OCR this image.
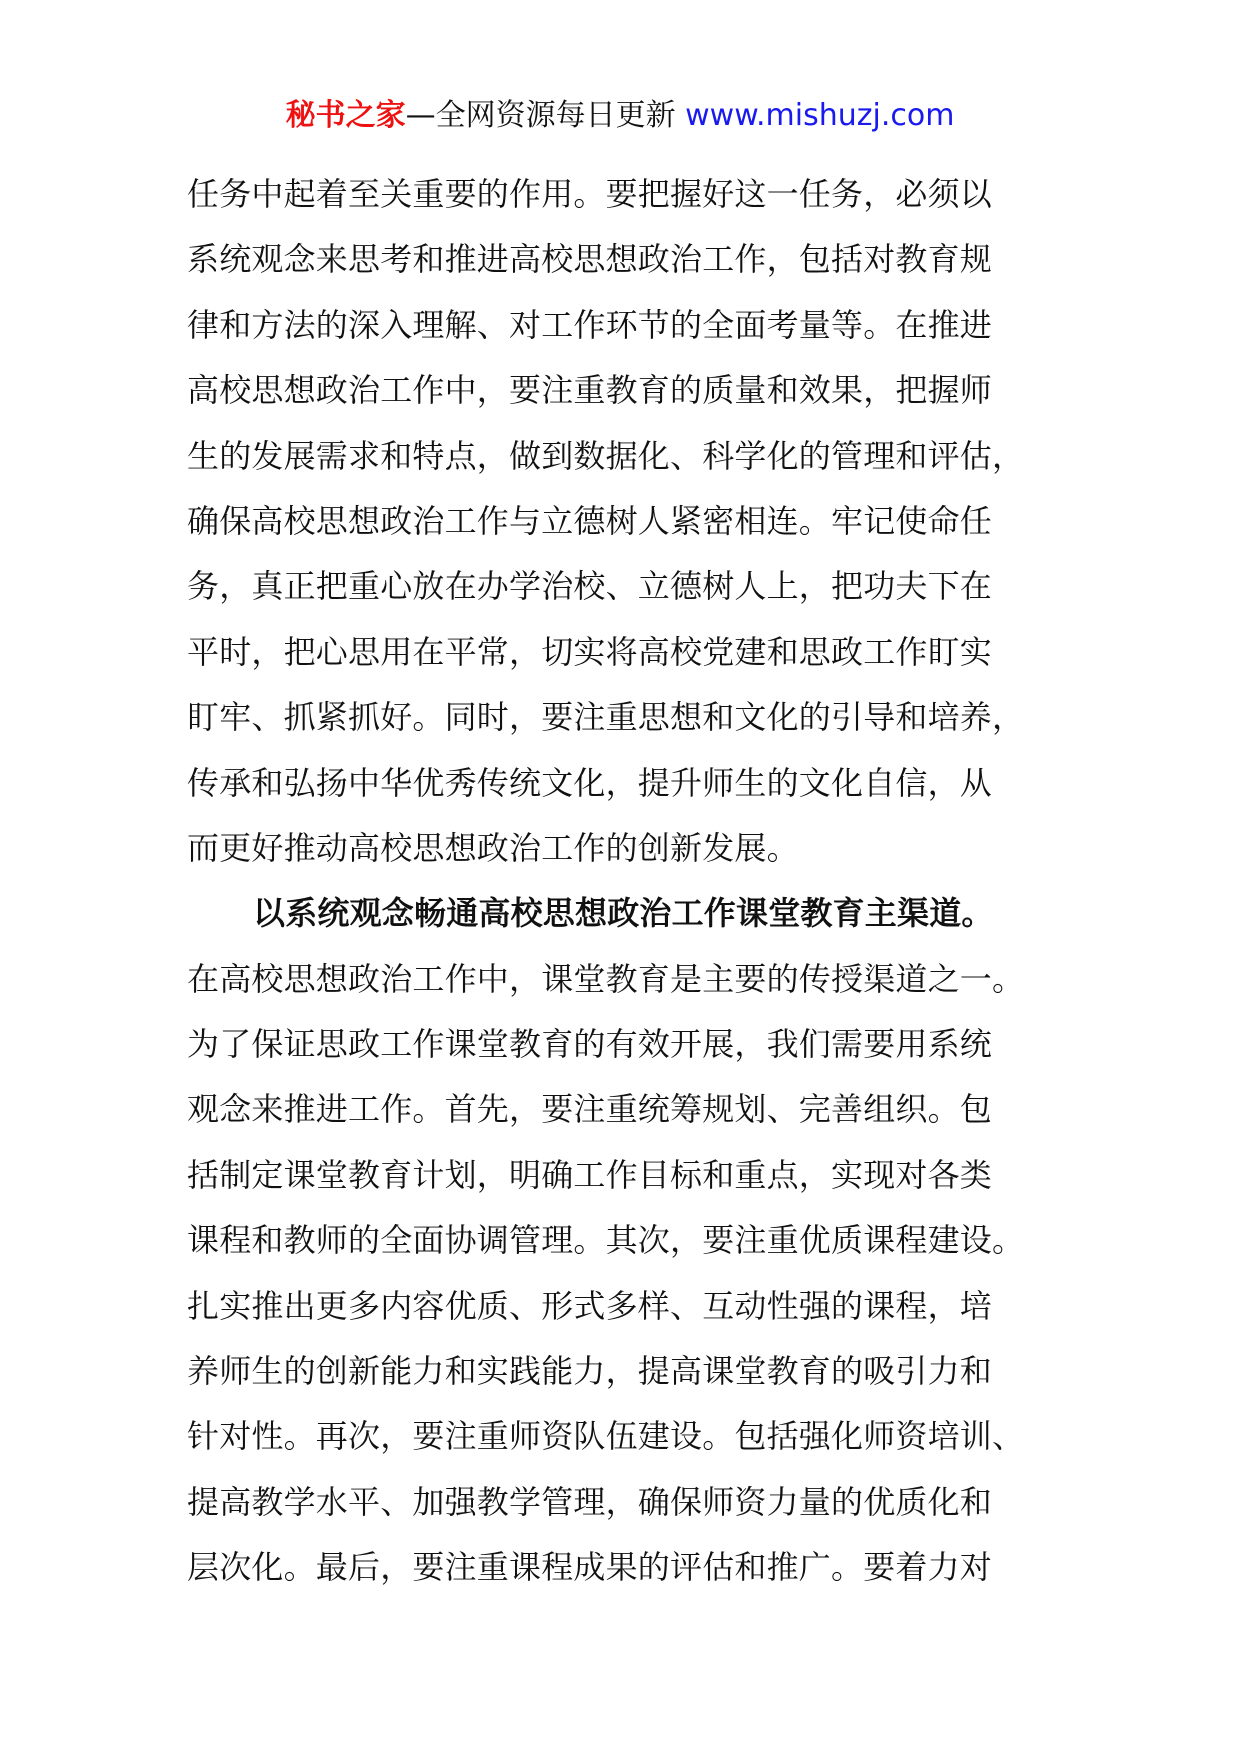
秘书之家—全网资源每日更新 www.mishuzj.com
任务中起着至关重要的作用。要把握好这一任务，必须以
系统观念来思考和推进高校思想政治工作，包括对教育规
律和方法的深入理解、对工作环节的全面考量等。在推进
高校思想政治工作中，要注重教育的质量和效果，把握师
生的发展需求和特点，做到数据化、科学化的管理和评估，
确保高校思想政治工作与立德树人紧密相连。牢记使命任
务，真正把重心放在办学治校、立德树人上，把功夫下在
平时，把心思用在平常，切实将高校党建和思政工作盯实
盯牢、抓紧抓好。同时，要注重思想和文化的引导和培养，
传承和弘扬中华优秀传统文化，提升师生的文化自信，从
而更好推动高校思想政治工作的创新发展。
以系统观念畅通高校思想政治工作课堂教育主渠道。
在高校思想政治工作中，课堂教育是主要的传授渠道之一。
为了保证思政工作课堂教育的有效开展，我们需要用系统
观念来推进工作。首先，要注重统筹规划、完善组织。包
括制定课堂教育计划，明确工作目标和重点，实现对各类
课程和教师的全面协调管理。其次，要注重优质课程建设。
扎实推出更多内容优质、形式多样、互动性强的课程，培
养师生的创新能力和实践能力，提高课堂教育的吸引力和
针对性。再次，要注重师资队伍建设。包括强化师资培训、
提高教学水平、加强教学管理，确保师资力量的优质化和
层次化。最后，要注重课程成果的评估和推广。要着力对
